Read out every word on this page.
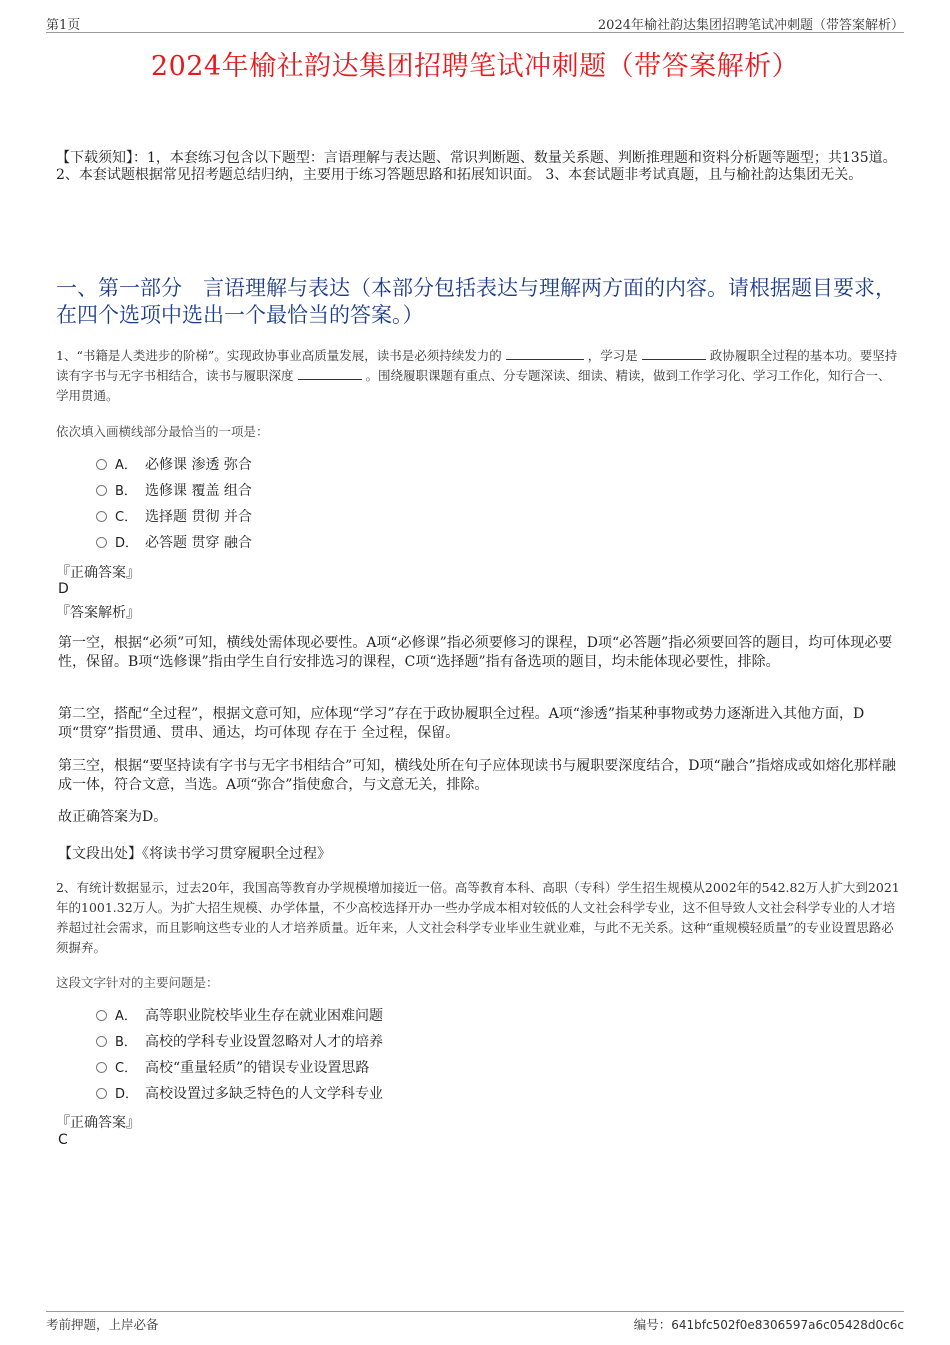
第1页	2024年榆社韵达集团招聘笔试冲刺题（带答案解析）
2024年榆社韵达集团招聘笔试冲刺题（带答案解析）
【下载须知】：1，本套练习包含以下题型：言语理解与表达题、常识判断题、数量关系题、判断推理题和资料分析题等题型；共135道。 2、本套试题根据常见招考题总结归纳，主要用于练习答题思路和拓展知识面。 3、本套试题非考试真题，且与榆社韵达集团无关。
一、第一部分　言语理解与表达（本部分包括表达与理解两方面的内容。请根据题目要求，在四个选项中选出一个最恰当的答案。）
1、“书籍是人类进步的阶梯”。实现政协事业高质量发展，读书是必须持续发力的	，学习是	政协履职全过程的基本功。要坚持读有字书与无字书相结合，读书与履职深度	。围绕履职课题有重点、分专题深读、细读、精读，做到工作学习化、学习工作化，知行合一、学用贯通。
依次填入画横线部分最恰当的一项是：
A． 必修课 渗透 弥合
B． 选修课 覆盖 组合
C． 选择题 贯彻 并合
D． 必答题 贯穿 融合
『正确答案』
D
『答案解析』
第一空，根据“必须”可知，横线处需体现必要性。A项“必修课”指必须要修习的课程，D项“必答题”指必须要回答的题目，均可体现必要性，保留。B项“选修课”指由学生自行安排选习的课程，C项“选择题”指有备选项的题目，均未能体现必要性，排除。
第二空，搭配“全过程”，根据文意可知，应体现“学习”存在于政协履职全过程。A项“渗透”指某种事物或势力逐渐进入其他方面，D项“贯穿”指贯通、贯串、通达，均可体现 存在于 全过程，保留。
第三空，根据“要坚持读有字书与无字书相结合”可知，横线处所在句子应体现读书与履职要深度结合，D项“融合”指熔成或如熔化那样融成一体，符合文意，当选。A项“弥合”指使愈合，与文意无关，排除。
故正确答案为D。
【文段出处】《将读书学习贯穿履职全过程》
2、有统计数据显示，过去20年，我国高等教育办学规模增加接近一倍。高等教育本科、高职（专科）学生招生规模从2002年的542.82万人扩大到2021年的1001.32万人。为扩大招生规模、办学体量，不少高校选择开办一些办学成本相对较低的人文社会科学专业，这不但导致人文社会科学专业的人才培养超过社会需求，而且影响这些专业的人才培养质量。近年来，人文社会科学专业毕业生就业难，与此不无关系。这种“重规模轻质量”的专业设置思路必须摒弃。
这段文字针对的主要问题是：
A． 高等职业院校毕业生存在就业困难问题
B． 高校的学科专业设置忽略对人才的培养
C． 高校“重量轻质”的错误专业设置思路
D． 高校设置过多缺乏特色的人文学科专业
『正确答案』
C
考前押题，上岸必备	编号：641bfc502f0e8306597a6c05428d0c6c
